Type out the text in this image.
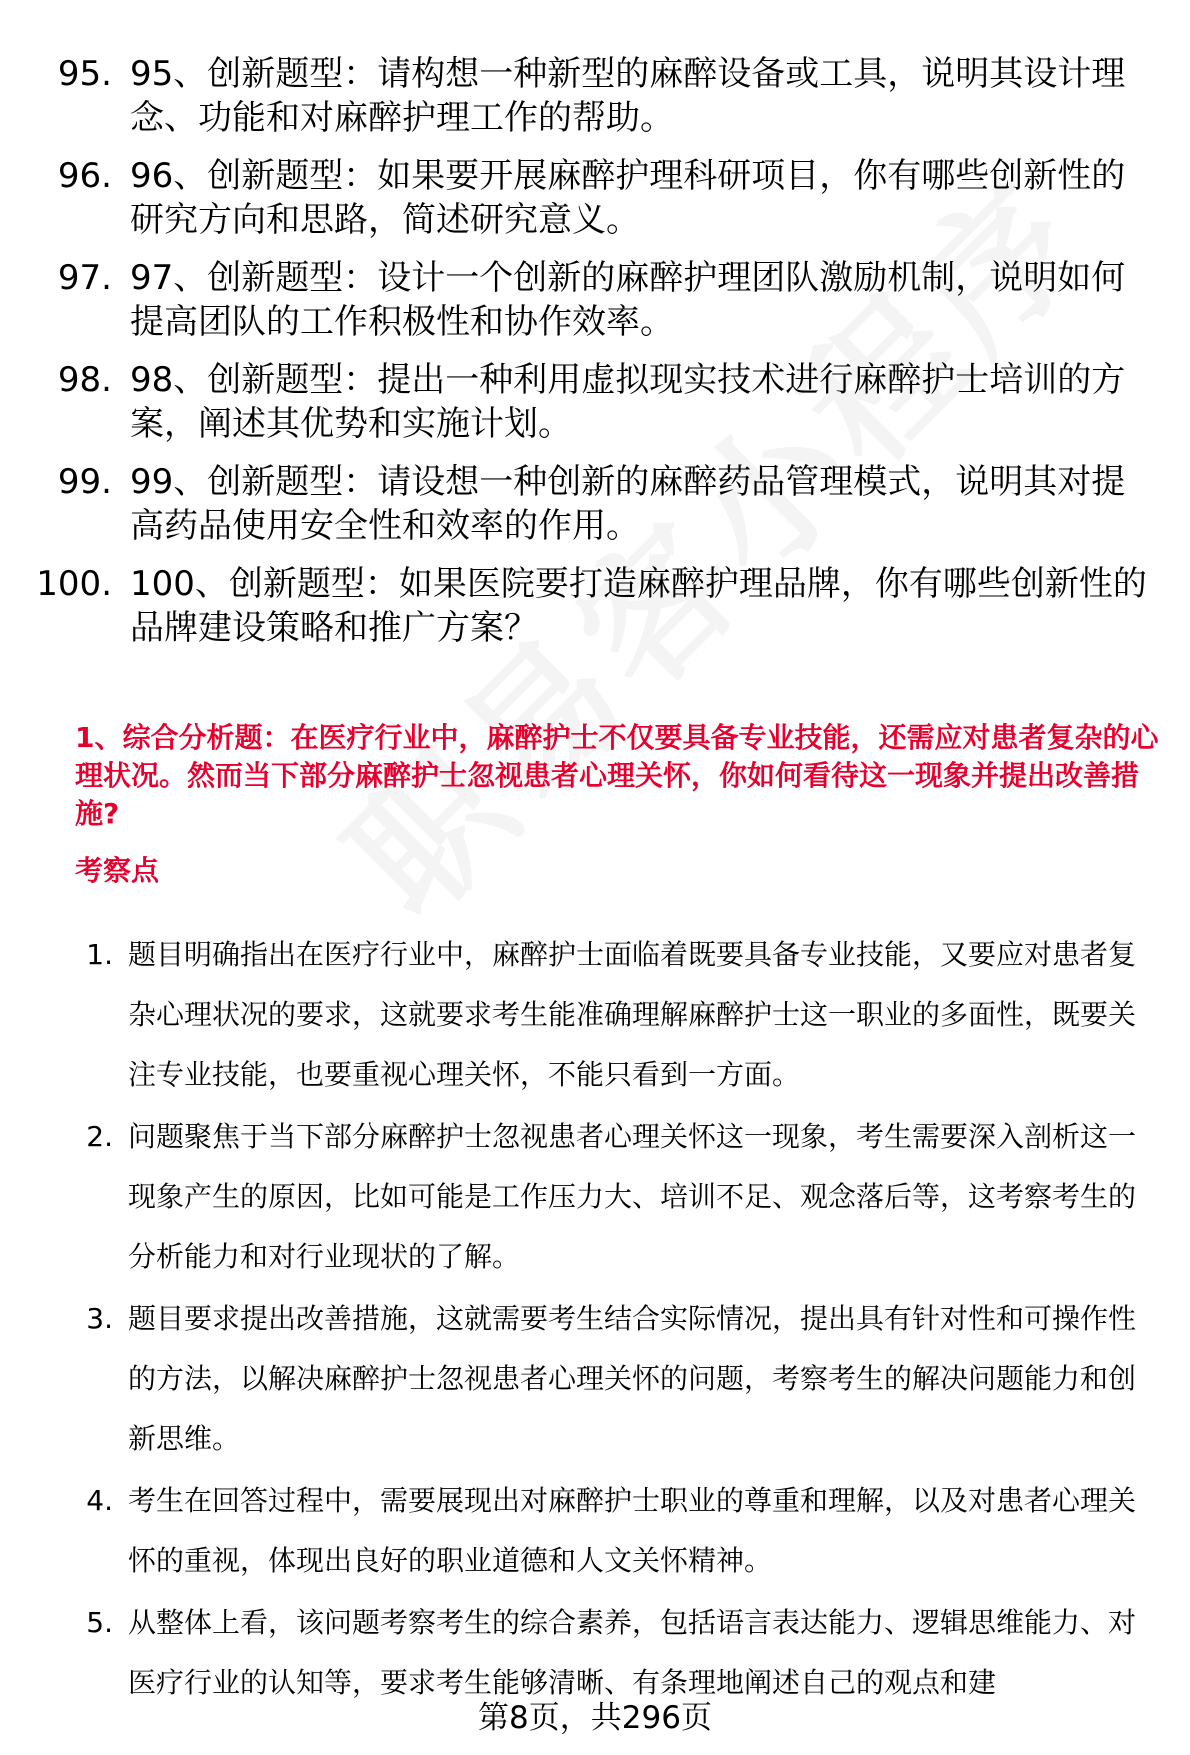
95. 95、创新题型：请构想一种新型的麻醉设备或工具，说明其设计理念、功能和对麻醉护理工作的帮助。
96. 96、创新题型：如果要开展麻醉护理科研项目，你有哪些创新性的研究方向和思路，简述研究意义。
97. 97、创新题型：设计一个创新的麻醉护理团队激励机制，说明如何提高团队的工作积极性和协作效率。
98. 98、创新题型：提出一种利用虚拟现实技术进行麻醉护士培训的方案，阐述其优势和实施计划。
99. 99、创新题型：请设想一种创新的麻醉药品管理模式，说明其对提高药品使用安全性和效率的作用。
100. 100、创新题型：如果医院要打造麻醉护理品牌，你有哪些创新性的品牌建设策略和推广方案？

1、综合分析题：在医疗行业中，麻醉护士不仅要具备专业技能，还需应对患者复杂的心理状况。然而当下部分麻醉护士忽视患者心理关怀，你如何看待这一现象并提出改善措施?

考察点

1. 题目明确指出在医疗行业中，麻醉护士面临着既要具备专业技能，又要应对患者复杂心理状况的要求，这就要求考生能准确理解麻醉护士这一职业的多面性，既要关注专业技能，也要重视心理关怀，不能只看到一方面。
2. 问题聚焦于当下部分麻醉护士忽视患者心理关怀这一现象，考生需要深入剖析这一现象产生的原因，比如可能是工作压力大、培训不足、观念落后等，这考察考生的分析能力和对行业现状的了解。
3. 题目要求提出改善措施，这就需要考生结合实际情况，提出具有针对性和可操作性的方法，以解决麻醉护士忽视患者心理关怀的问题，考察考生的解决问题能力和创新思维。
4. 考生在回答过程中，需要展现出对麻醉护士职业的尊重和理解，以及对患者心理关怀的重视，体现出良好的职业道德和人文关怀精神。
5. 从整体上看，该问题考察考生的综合素养，包括语言表达能力、逻辑思维能力、对医疗行业的认知等，要求考生能够清晰、有条理地阐述自己的观点和建
第8页，共296页
